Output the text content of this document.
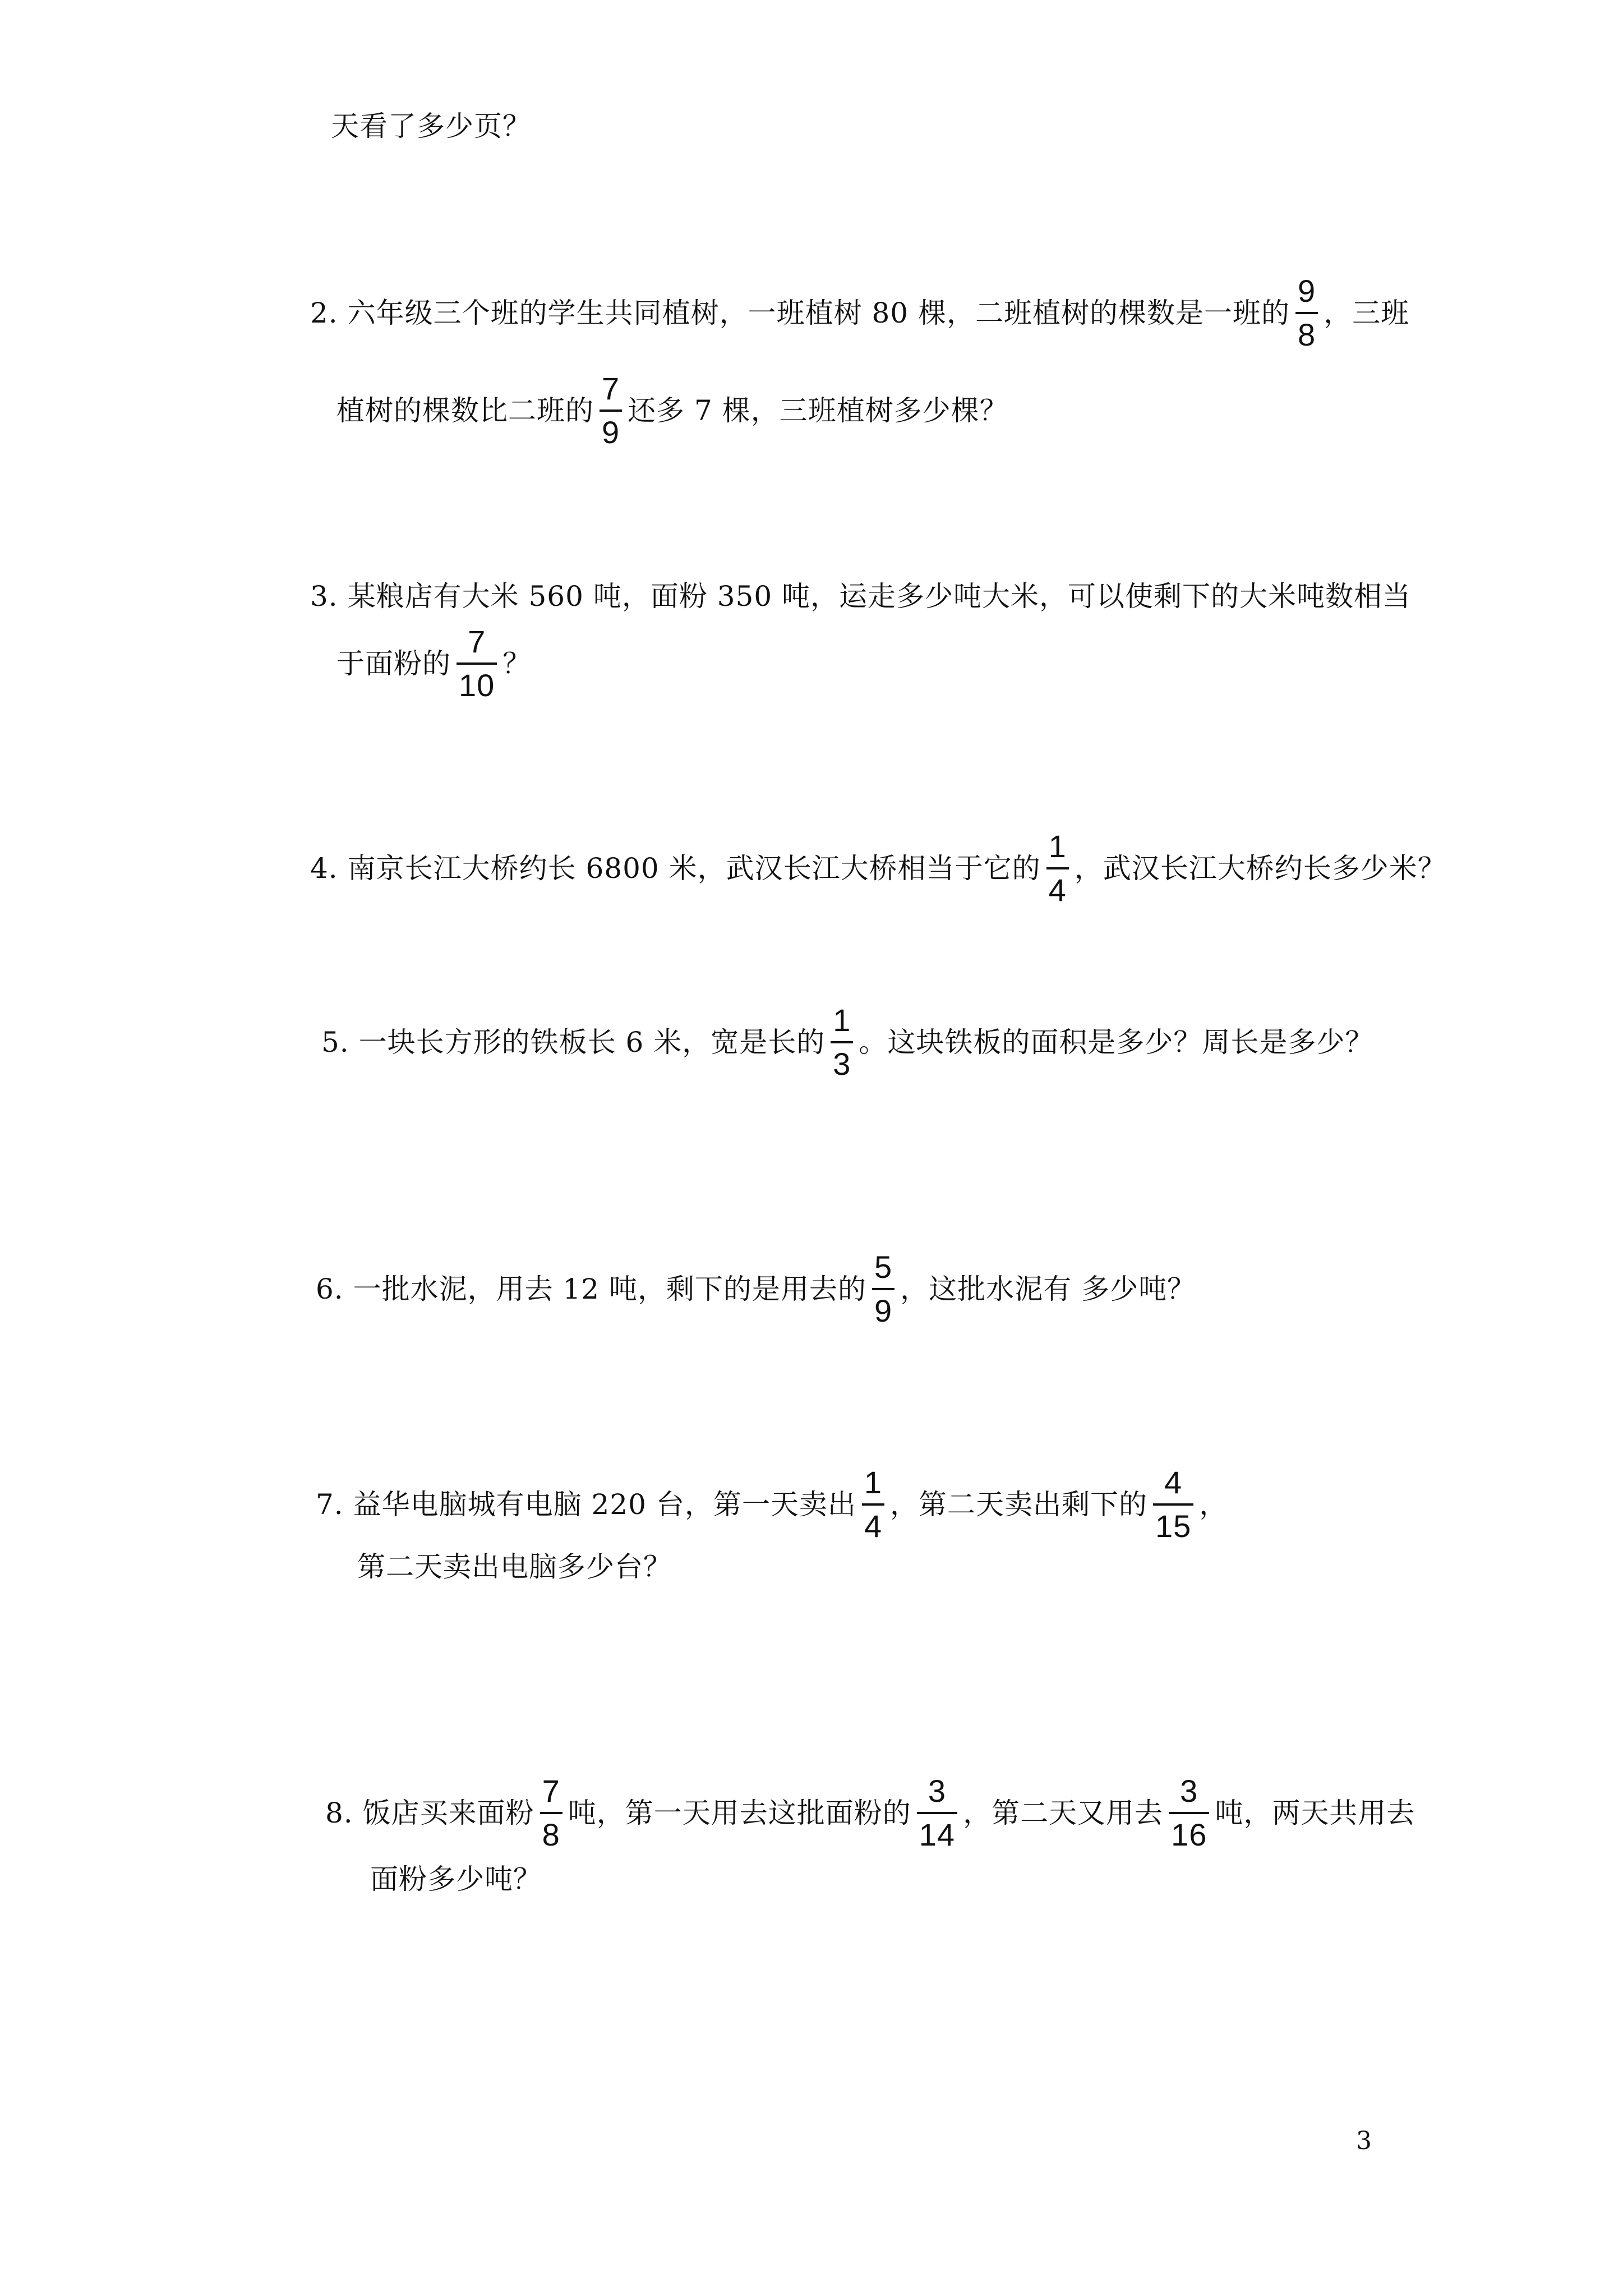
天看了多少页？
2. 六年级三个班的学生共同植树，一班植树 80 棵，二班植树的棵数是一班的 $\frac{9}{8}$ ，三班
植树的棵数比二班的 $\frac{7}{9}$ 还多 7 棵，三班植树多少棵？
3. 某粮店有大米 560 吨，面粉 350 吨，运走多少吨大米，可以使剩下的大米吨数相当
于面粉的 $\frac{7}{10}$ ？
4. 南京长江大桥约长 6800 米，武汉长江大桥相当于它的 $\frac{1}{4}$ ，武汉长江大桥约长多少米？
5. 一块长方形的铁板长 6 米，宽是长的 $\frac{1}{3}$ 。这块铁板的面积是多少？周长是多少？
6. 一批水泥，用去 12 吨，剩下的是用去的 $\frac{5}{9}$ ，这批水泥有 多少吨？
7. 益华电脑城有电脑 220 台，第一天卖出 $\frac{1}{4}$ ，第二天卖出剩下的 $\frac{4}{15}$ ，
第二天卖出电脑多少台？
8. 饭店买来面粉 $\frac{7}{8}$ 吨，第一天用去这批面粉的 $\frac{3}{14}$ ，第二天又用去 $\frac{3}{16}$ 吨，两天共用去
面粉多少吨？
3
